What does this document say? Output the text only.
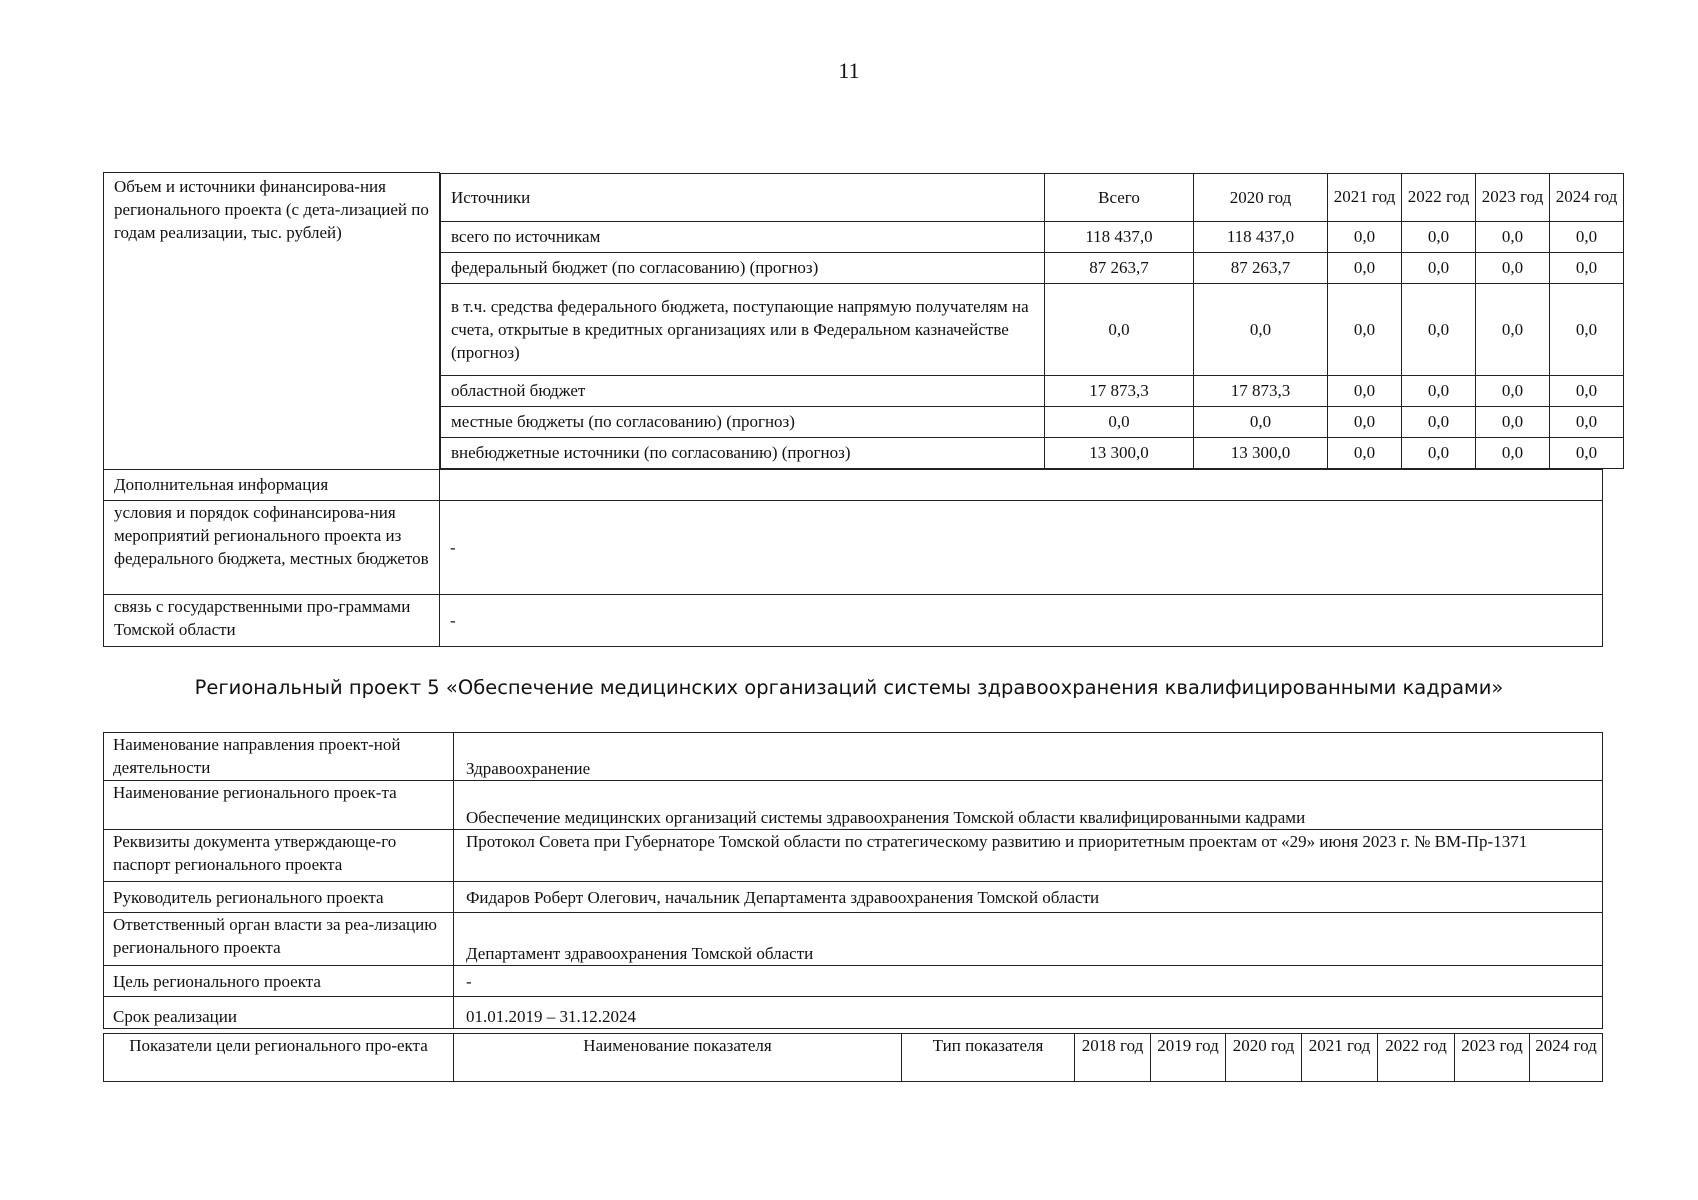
11
Объем и источники финансирова-ния регионального проекта (с дета-лизацией по годам реализации, тыс. рублей)	
Источники	Всего	2020 год	2021 год	2022 год	2023 год	2024 год
всего по источникам	118 437,0	118 437,0	0,0	0,0	0,0	0,0
федеральный бюджет (по согласованию) (прогноз)	87 263,7	87 263,7	0,0	0,0	0,0	0,0
в т.ч. средства федерального бюджета, поступающие напрямую получателям на счета, открытые в кредитных организациях или в Федеральном казначействе (прогноз)	0,0	0,0	0,0	0,0	0,0	0,0
областной бюджет	17 873,3	17 873,3	0,0	0,0	0,0	0,0
местные бюджеты (по согласованию) (прогноз)	0,0	0,0	0,0	0,0	0,0	0,0
внебюджетные источники (по согласованию) (прогноз)	13 300,0	13 300,0	0,0	0,0	0,0	0,0

Дополнительная информация	
условия и порядок софинансирова-ния мероприятий регионального проекта из федерального бюджета, местных бюджетов	-
связь с государственными про-граммами Томской области	-
Региональный проект 5 «Обеспечение медицинских организаций системы здравоохранения квалифицированными кадрами»
Наименование направления проект-ной деятельности	Здравоохранение
Наименование регионального проек-та	Обеспечение медицинских организаций системы здравоохранения Томской области квалифицированными кадрами
Реквизиты документа утверждающе-го паспорт регионального проекта	Протокол Совета при Губернаторе Томской области по стратегическому развитию и приоритетным проектам от «29» июня 2023 г. № ВМ-Пр-1371
Руководитель регионального проекта	Фидаров Роберт Олегович, начальник Департамента здравоохранения Томской области
Ответственный орган власти за реа-лизацию регионального проекта	Департамент здравоохранения Томской области
Цель регионального проекта	-
Срок реализации	01.01.2019 – 31.12.2024
Показатели цели регионального про-екта	Наименование показателя	Тип показателя	2018 год	2019 год	2020 год	2021 год	2022 год	2023 год	2024 год
